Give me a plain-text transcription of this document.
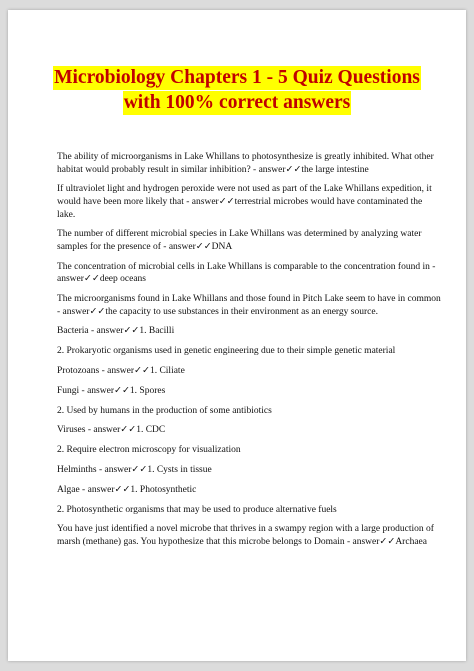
Microbiology Chapters 1 - 5 Quiz Questions
with 100% correct answers

The ability of microorganisms in Lake Whillans to photosynthesize is greatly inhibited. What other habitat would probably result in similar inhibition? - answer✓✓the large intestine

If ultraviolet light and hydrogen peroxide were not used as part of the Lake Whillans expedition, it would have been more likely that - answer✓✓terrestrial microbes would have contaminated the lake.

The number of different microbial species in Lake Whillans was determined by analyzing water samples for the presence of - answer✓✓DNA

The concentration of microbial cells in Lake Whillans is comparable to the concentration found in - answer✓✓deep oceans

The microorganisms found in Lake Whillans and those found in Pitch Lake seem to have in common - answer✓✓the capacity to use substances in their environment as an energy source.

Bacteria - answer✓✓1. Bacilli

2. Prokaryotic organisms used in genetic engineering due to their simple genetic material

Protozoans - answer✓✓1. Ciliate

Fungi - answer✓✓1. Spores

2. Used by humans in the production of some antibiotics

Viruses - answer✓✓1. CDC

2. Require electron microscopy for visualization

Helminths - answer✓✓1. Cysts in tissue

Algae - answer✓✓1. Photosynthetic

2. Photosynthetic organisms that may be used to produce alternative fuels

You have just identified a novel microbe that thrives in a swampy region with a large production of marsh (methane) gas. You hypothesize that this microbe belongs to Domain - answer✓✓Archaea
